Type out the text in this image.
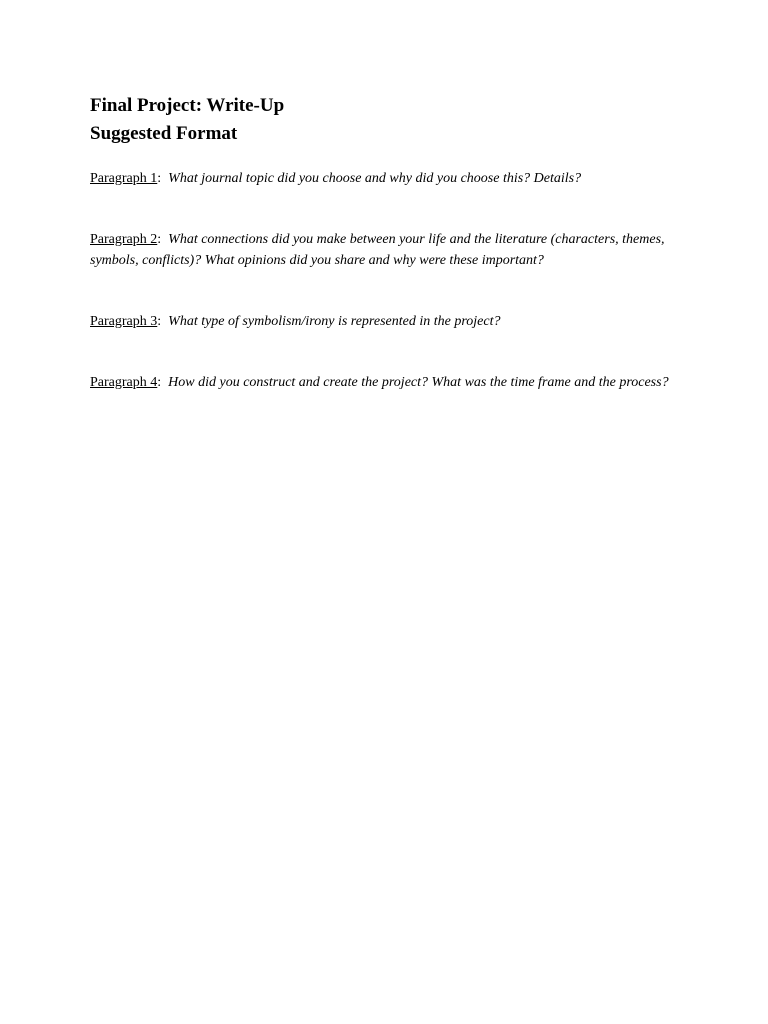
Final Project: Write-Up

Suggested Format

Paragraph 1:  What journal topic did you choose and why did you choose this? Details?

Paragraph 2:  What connections did you make between your life and the literature (characters, themes, symbols, conflicts)? What opinions did you share and why were these important?

Paragraph 3:  What type of symbolism/irony is represented in the project?

Paragraph 4:  How did you construct and create the project? What was the time frame and the process?
